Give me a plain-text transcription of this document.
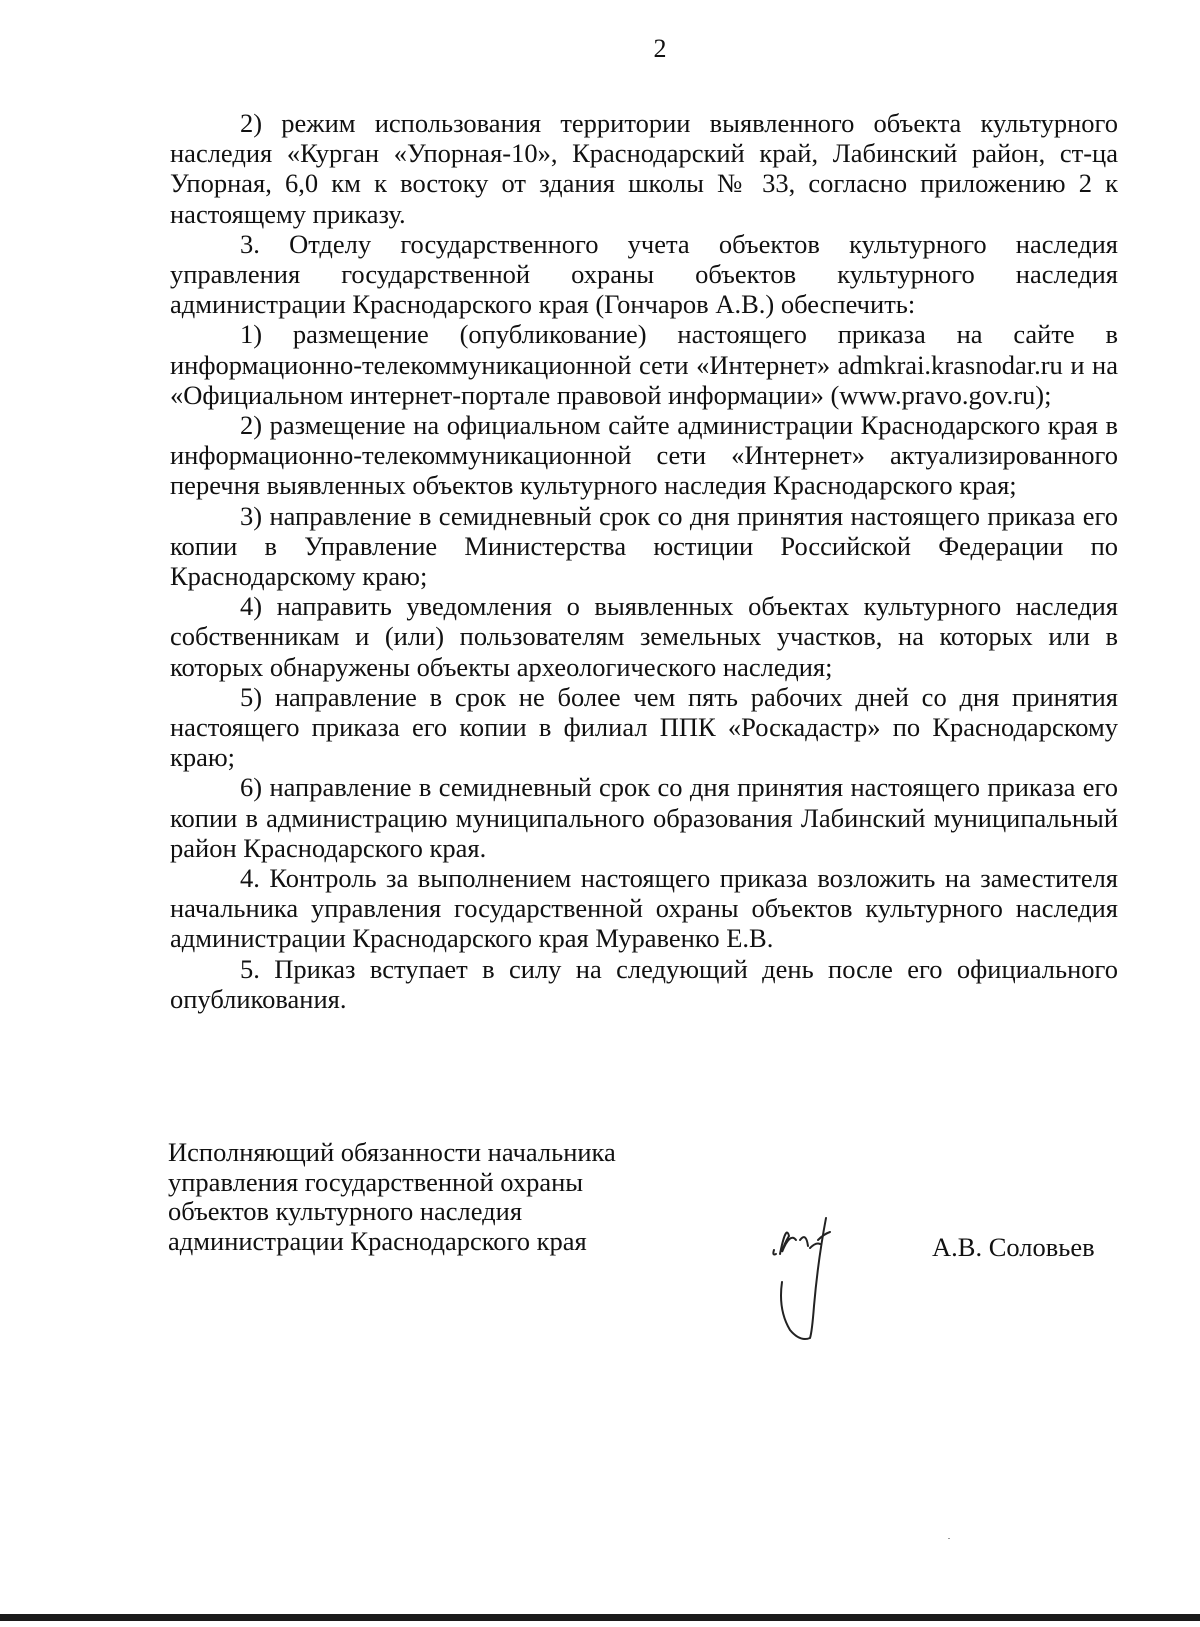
2

2) режим использования территории выявленного объекта культурного наследия «Курган «Упорная-10», Краснодарский край, Лабинский район, ст-ца Упорная, 6,0 км к востоку от здания школы № 33, согласно приложению 2 к настоящему приказу.

3. Отделу государственного учета объектов культурного наследия управления государственной охраны объектов культурного наследия администрации Краснодарского края (Гончаров А.В.) обеспечить:

1) размещение (опубликование) настоящего приказа на сайте в информационно-телекоммуникационной сети «Интернет» admkrai.krasnodar.ru и на «Официальном интернет-портале правовой информации» (www.pravo.gov.ru);

2) размещение на официальном сайте администрации Краснодарского края в информационно-телекоммуникационной сети «Интернет» актуализированного перечня выявленных объектов культурного наследия Краснодарского края;

3) направление в семидневный срок со дня принятия настоящего приказа его копии в Управление Министерства юстиции Российской Федерации по Краснодарскому краю;

4) направить уведомления о выявленных объектах культурного наследия собственникам и (или) пользователям земельных участков, на которых или в которых обнаружены объекты археологического наследия;

5) направление в срок не более чем пять рабочих дней со дня принятия настоящего приказа его копии в филиал ППК «Роскадастр» по Краснодарскому краю;

6) направление в семидневный срок со дня принятия настоящего приказа его копии в администрацию муниципального образования Лабинский муниципальный район Краснодарского края.

4. Контроль за выполнением настоящего приказа возложить на заместителя начальника управления государственной охраны объектов культурного наследия администрации Краснодарского края Муравенко Е.В.

5. Приказ вступает в силу на следующий день после его официального опубликования.

Исполняющий обязанности начальника
управления государственной охраны
объектов культурного наследия
администрации Краснодарского края	А.В. Соловьев
